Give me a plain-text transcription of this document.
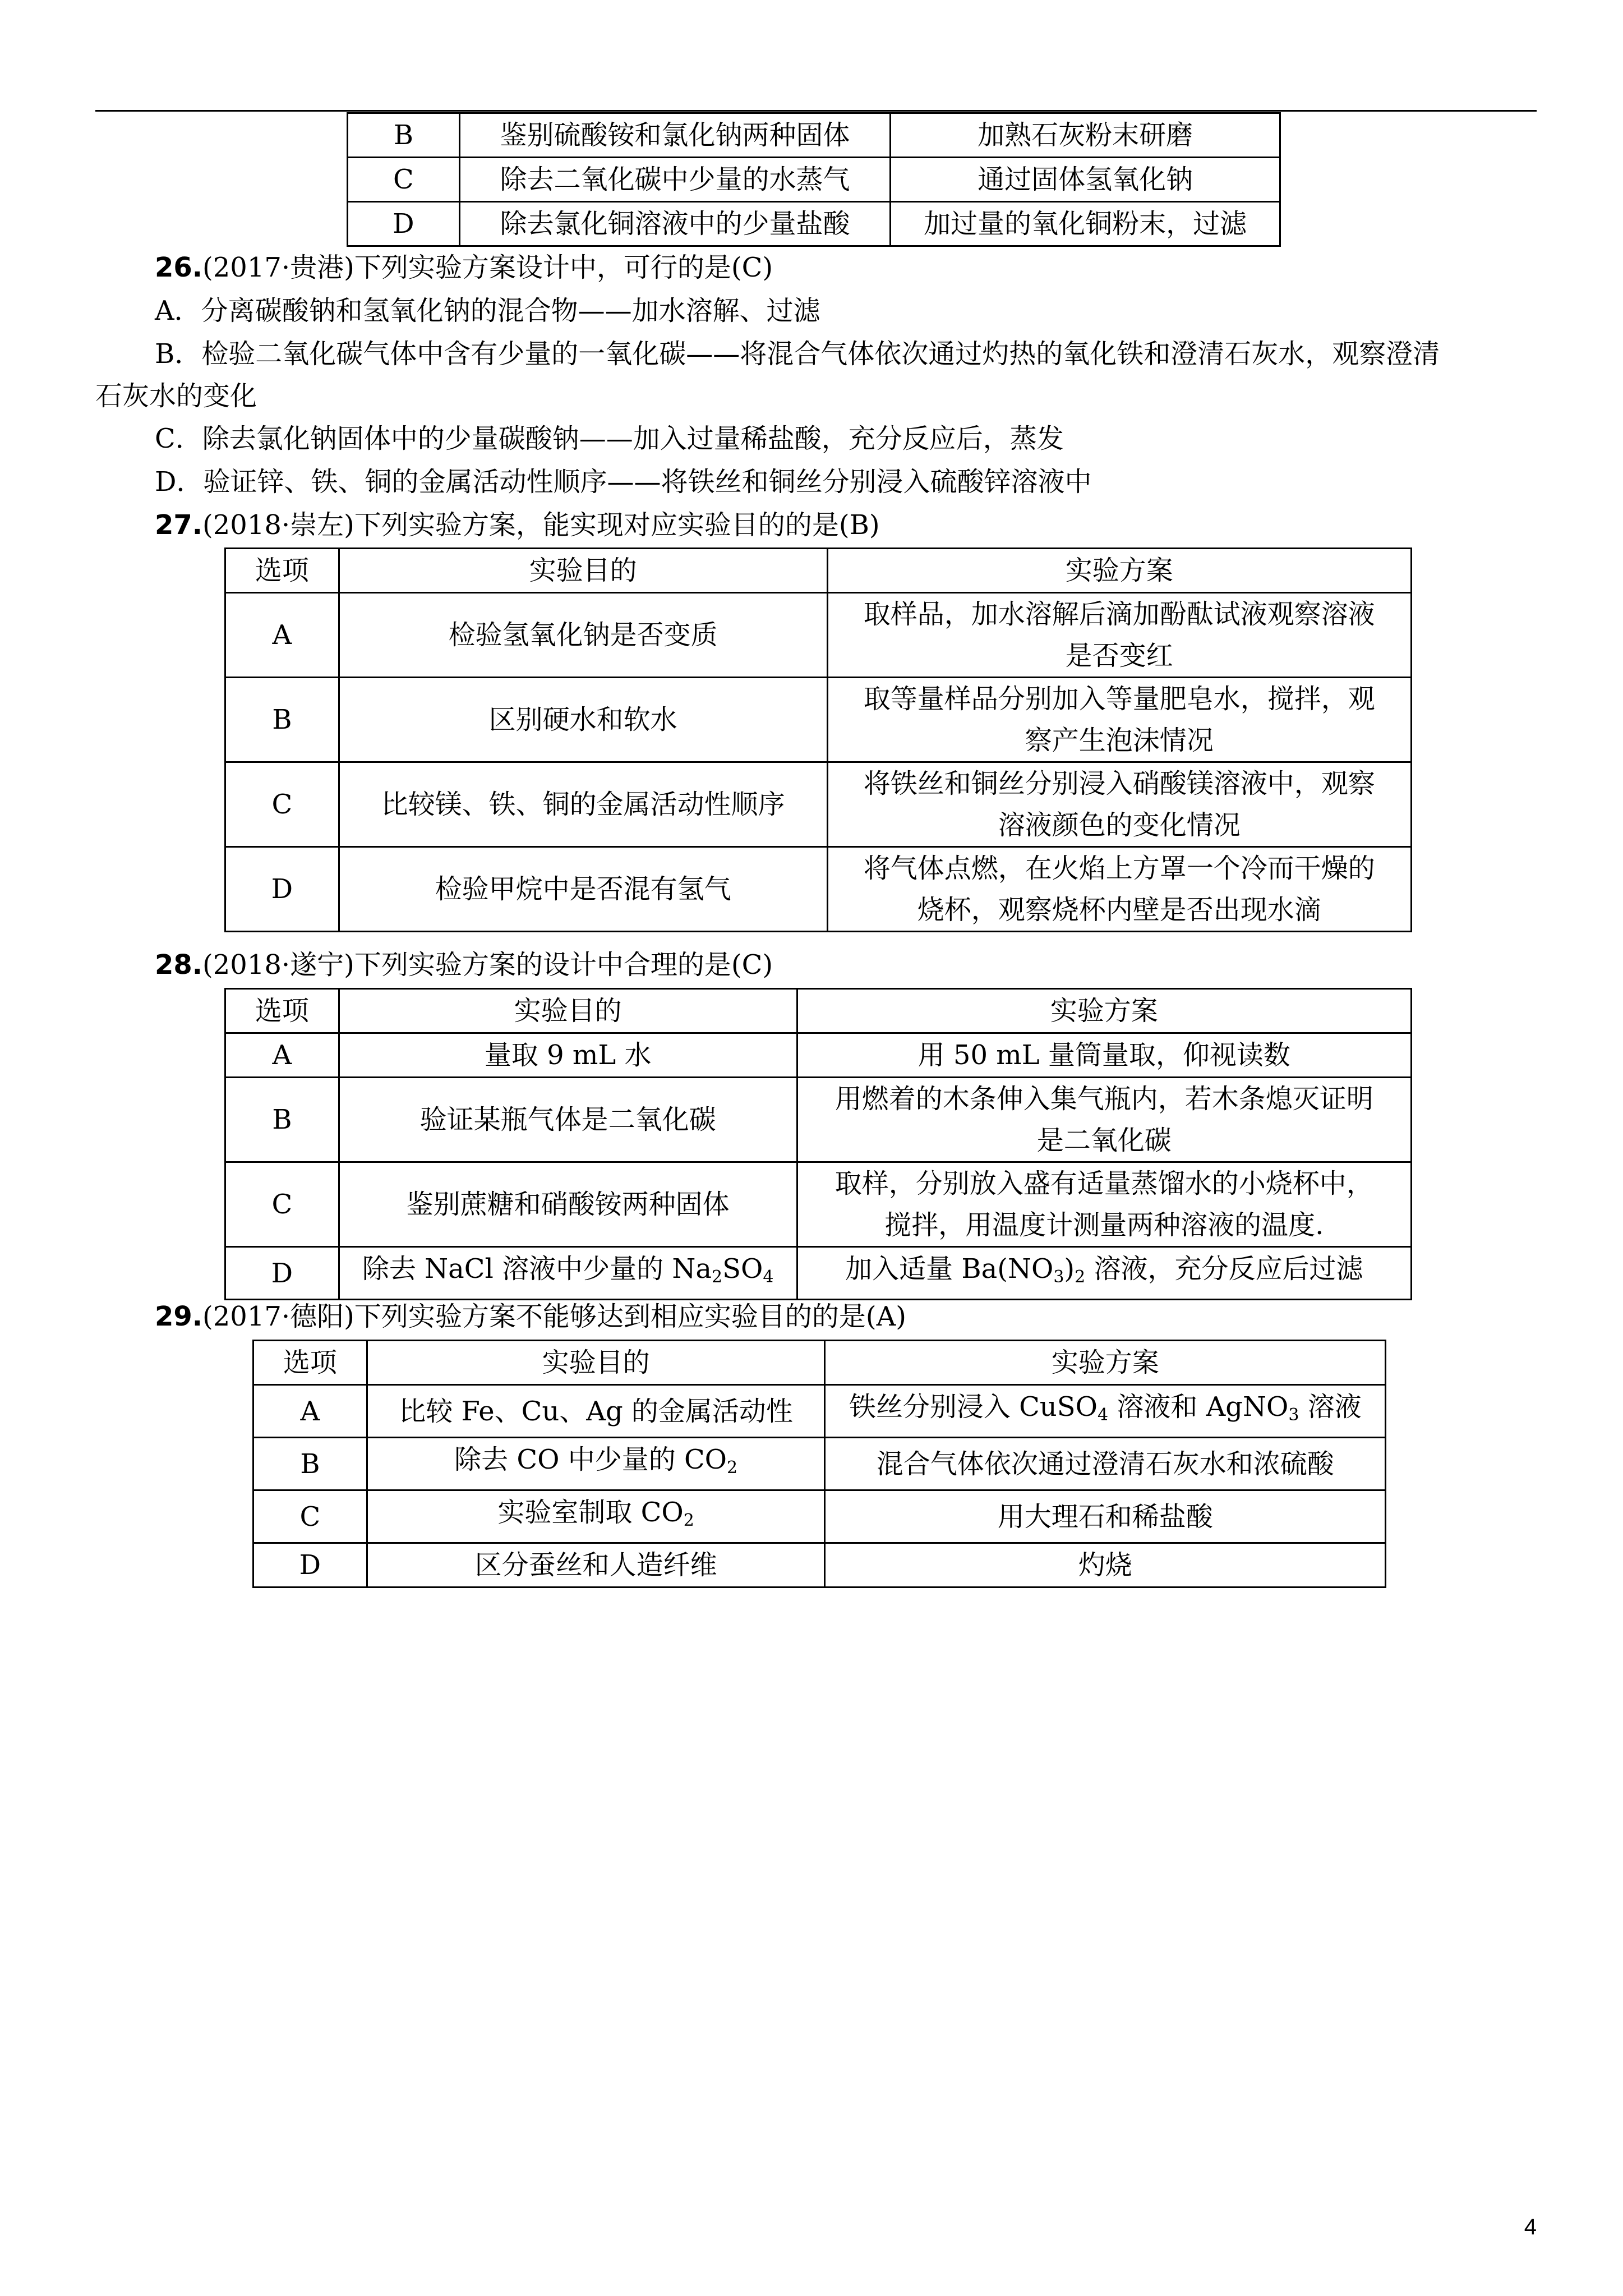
B	鉴别硫酸铵和氯化钠两种固体	加熟石灰粉末研磨
C	除去二氧化碳中少量的水蒸气	通过固体氢氧化钠
D	除去氯化铜溶液中的少量盐酸	加过量的氧化铜粉末，过滤
26.(2017·贵港)下列实验方案设计中，可行的是(C)
A．分离碳酸钠和氢氧化钠的混合物——加水溶解、过滤
B．检验二氧化碳气体中含有少量的一氧化碳——将混合气体依次通过灼热的氧化铁和澄清石灰水，观察澄清
石灰水的变化
C．除去氯化钠固体中的少量碳酸钠——加入过量稀盐酸，充分反应后，蒸发
D．验证锌、铁、铜的金属活动性顺序——将铁丝和铜丝分别浸入硫酸锌溶液中
27.(2018·崇左)下列实验方案，能实现对应实验目的的是(B)
选项	实验目的	实验方案
A	检验氢氧化钠是否变质	取样品，加水溶解后滴加酚酞试液观察溶液
是否变红

B	区别硬水和软水	取等量样品分别加入等量肥皂水，搅拌，观
察产生泡沫情况

C	比较镁、铁、铜的金属活动性顺序	将铁丝和铜丝分别浸入硝酸镁溶液中，观察
溶液颜色的变化情况

D	检验甲烷中是否混有氢气	将气体点燃，在火焰上方罩一个冷而干燥的
烧杯，观察烧杯内壁是否出现水滴
28.(2018·遂宁)下列实验方案的设计中合理的是(C)
选项	实验目的	实验方案
A	量取 9 mL 水	用 50 mL 量筒量取，仰视读数
B	验证某瓶气体是二氧化碳	用燃着的木条伸入集气瓶内，若木条熄灭证明
是二氧化碳

C	鉴别蔗糖和硝酸铵两种固体	取样，分别放入盛有适量蒸馏水的小烧杯中，
搅拌，用温度计测量两种溶液的温度.

D	除去 NaCl 溶液中少量的 $Na_2SO_4$	加入适量 $Ba(NO_3)_2$ 溶液，充分反应后过滤
29.(2017·德阳)下列实验方案不能够达到相应实验目的的是(A)
选项	实验目的	实验方案
A	比较 Fe、Cu、Ag 的金属活动性	铁丝分别浸入 CuSO$_4$ 溶液和 AgNO$_3$ 溶液
B	除去 CO 中少量的 $CO_2$	混合气体依次通过澄清石灰水和浓硫酸
C	实验室制取 $CO_2$	用大理石和稀盐酸
D	区分蚕丝和人造纤维	灼烧
4
